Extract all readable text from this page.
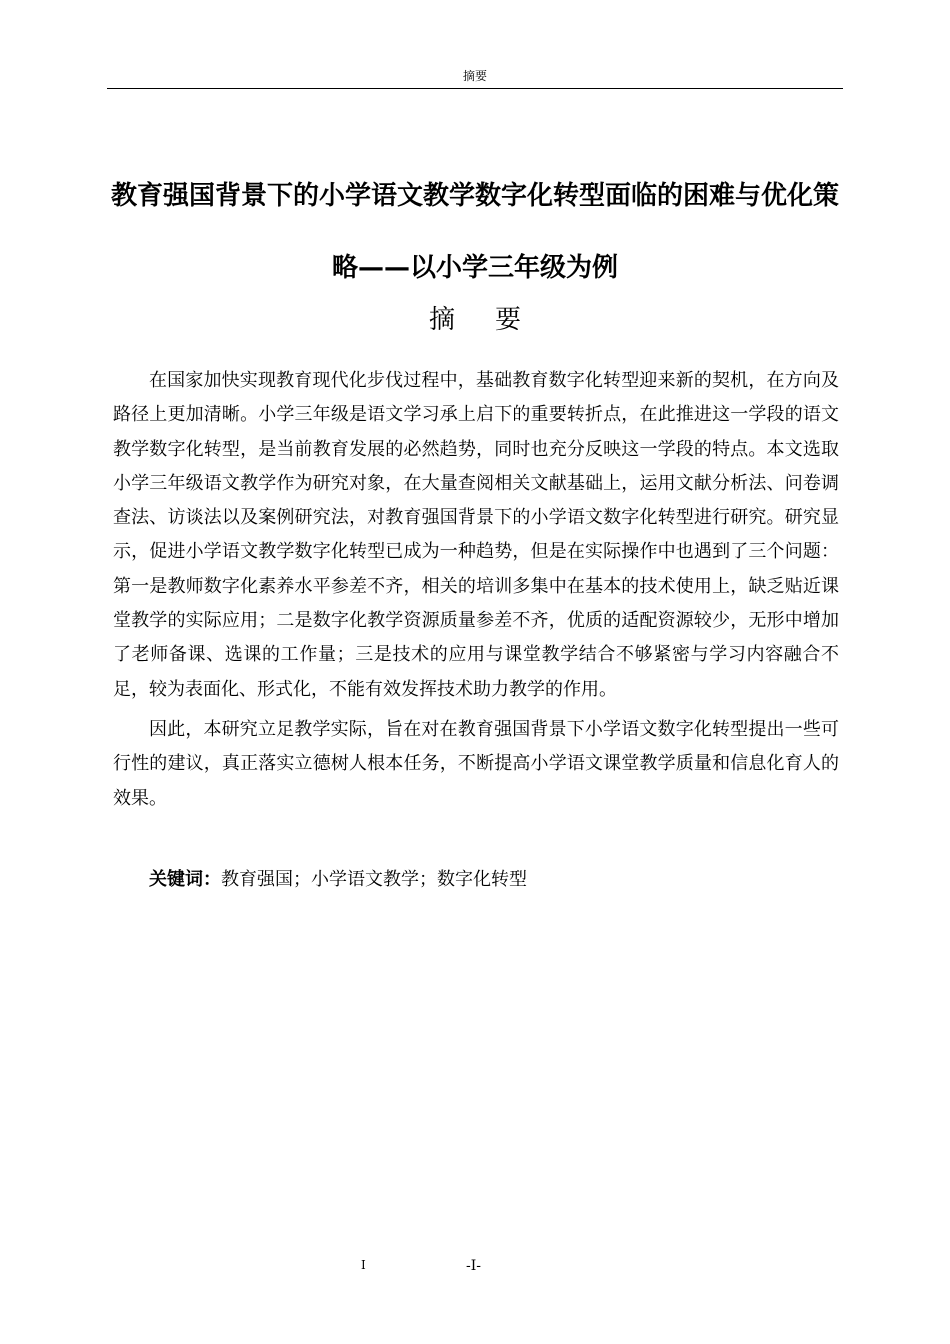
摘要
教育强国背景下的小学语文教学数字化转型面临的困难与优化策略——以小学三年级为例
摘要

在国家加快实现教育现代化步伐过程中，基础教育数字化转型迎来新的契机，在方向及路径上更加清晰。小学三年级是语文学习承上启下的重要转折点，在此推进这一学段的语文教学数字化转型，是当前教育发展的必然趋势，同时也充分反映这一学段的特点。本文选取小学三年级语文教学作为研究对象，在大量查阅相关文献基础上，运用文献分析法、问卷调查法、访谈法以及案例研究法，对教育强国背景下的小学语文数字化转型进行研究。研究显示，促进小学语文教学数字化转型已成为一种趋势，但是在实际操作中也遇到了三个问题：第一是教师数字化素养水平参差不齐，相关的培训多集中在基本的技术使用上，缺乏贴近课堂教学的实际应用；二是数字化教学资源质量参差不齐，优质的适配资源较少，无形中增加了老师备课、选课的工作量；三是技术的应用与课堂教学结合不够紧密与学习内容融合不足，较为表面化、形式化，不能有效发挥技术助力教学的作用。

因此，本研究立足教学实际，旨在对在教育强国背景下小学语文数字化转型提出一些可行性的建议，真正落实立德树人根本任务，不断提高小学语文课堂教学质量和信息化育人的效果。

关键词：教育强国；小学语文教学；数字化转型
I	-I-
